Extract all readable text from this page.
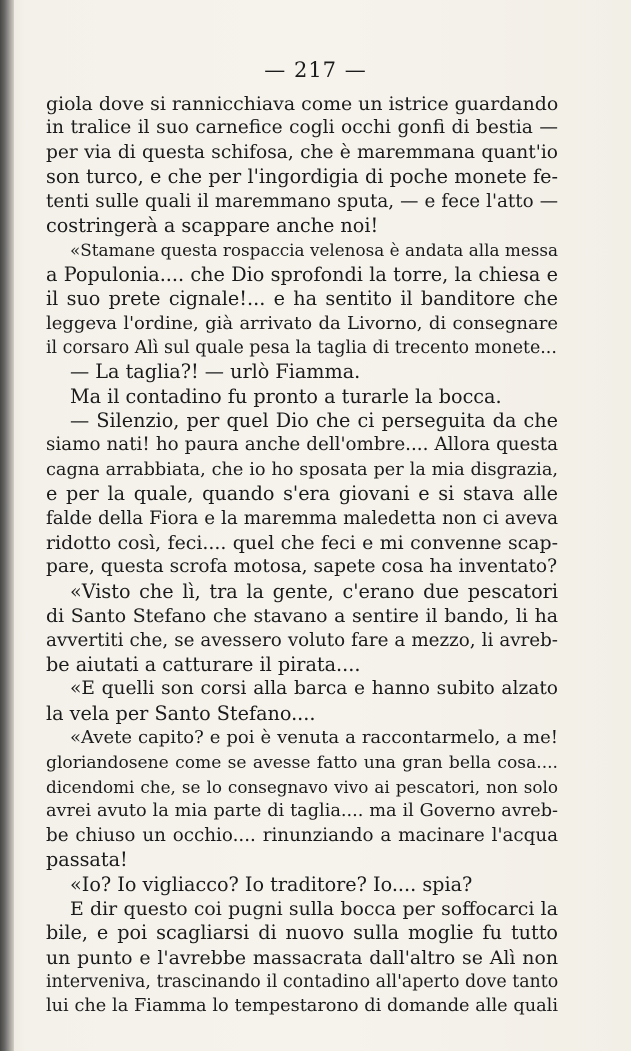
— 217 —
giola dove si rannicchiava come un istrice guardando
in tralice il suo carnefice cogli occhi gonfi di bestia —
per via di questa schifosa, che è maremmana quant'io
son turco, e che per l'ingordigia di poche monete fe-
tenti sulle quali il maremmano sputa, — e fece l'atto —
costringerà a scappare anche noi!
«Stamane questa rospaccia velenosa è andata alla messa
a Populonia.... che Dio sprofondi la torre, la chiesa e
il suo prete cignale!... e ha sentito il banditore che
leggeva l'ordine, già arrivato da Livorno, di consegnare
il corsaro Alì sul quale pesa la taglia di trecento monete...
— La taglia?! — urlò Fiamma.
Ma il contadino fu pronto a turarle la bocca.
— Silenzio, per quel Dio che ci perseguita da che
siamo nati! ho paura anche dell'ombre.... Allora questa
cagna arrabbiata, che io ho sposata per la mia disgrazia,
e per la quale, quando s'era giovani e si stava alle
falde della Fiora e la maremma maledetta non ci aveva
ridotto così, feci.... quel che feci e mi convenne scap-
pare, questa scrofa motosa, sapete cosa ha inventato?
«Visto che lì, tra la gente, c'erano due pescatori
di Santo Stefano che stavano a sentire il bando, li ha
avvertiti che, se avessero voluto fare a mezzo, li avreb-
be aiutati a catturare il pirata....
«E quelli son corsi alla barca e hanno subito alzato
la vela per Santo Stefano....
«Avete capito? e poi è venuta a raccontarmelo, a me!
gloriandosene come se avesse fatto una gran bella cosa....
dicendomi che, se lo consegnavo vivo ai pescatori, non solo
avrei avuto la mia parte di taglia.... ma il Governo avreb-
be chiuso un occhio.... rinunziando a macinare l'acqua
passata!
«Io? Io vigliacco? Io traditore? Io.... spia?
E dir questo coi pugni sulla bocca per soffocarci la
bile, e poi scagliarsi di nuovo sulla moglie fu tutto
un punto e l'avrebbe massacrata dall'altro se Alì non
interveniva, trascinando il contadino all'aperto dove tanto
lui che la Fiamma lo tempestarono di domande alle quali
